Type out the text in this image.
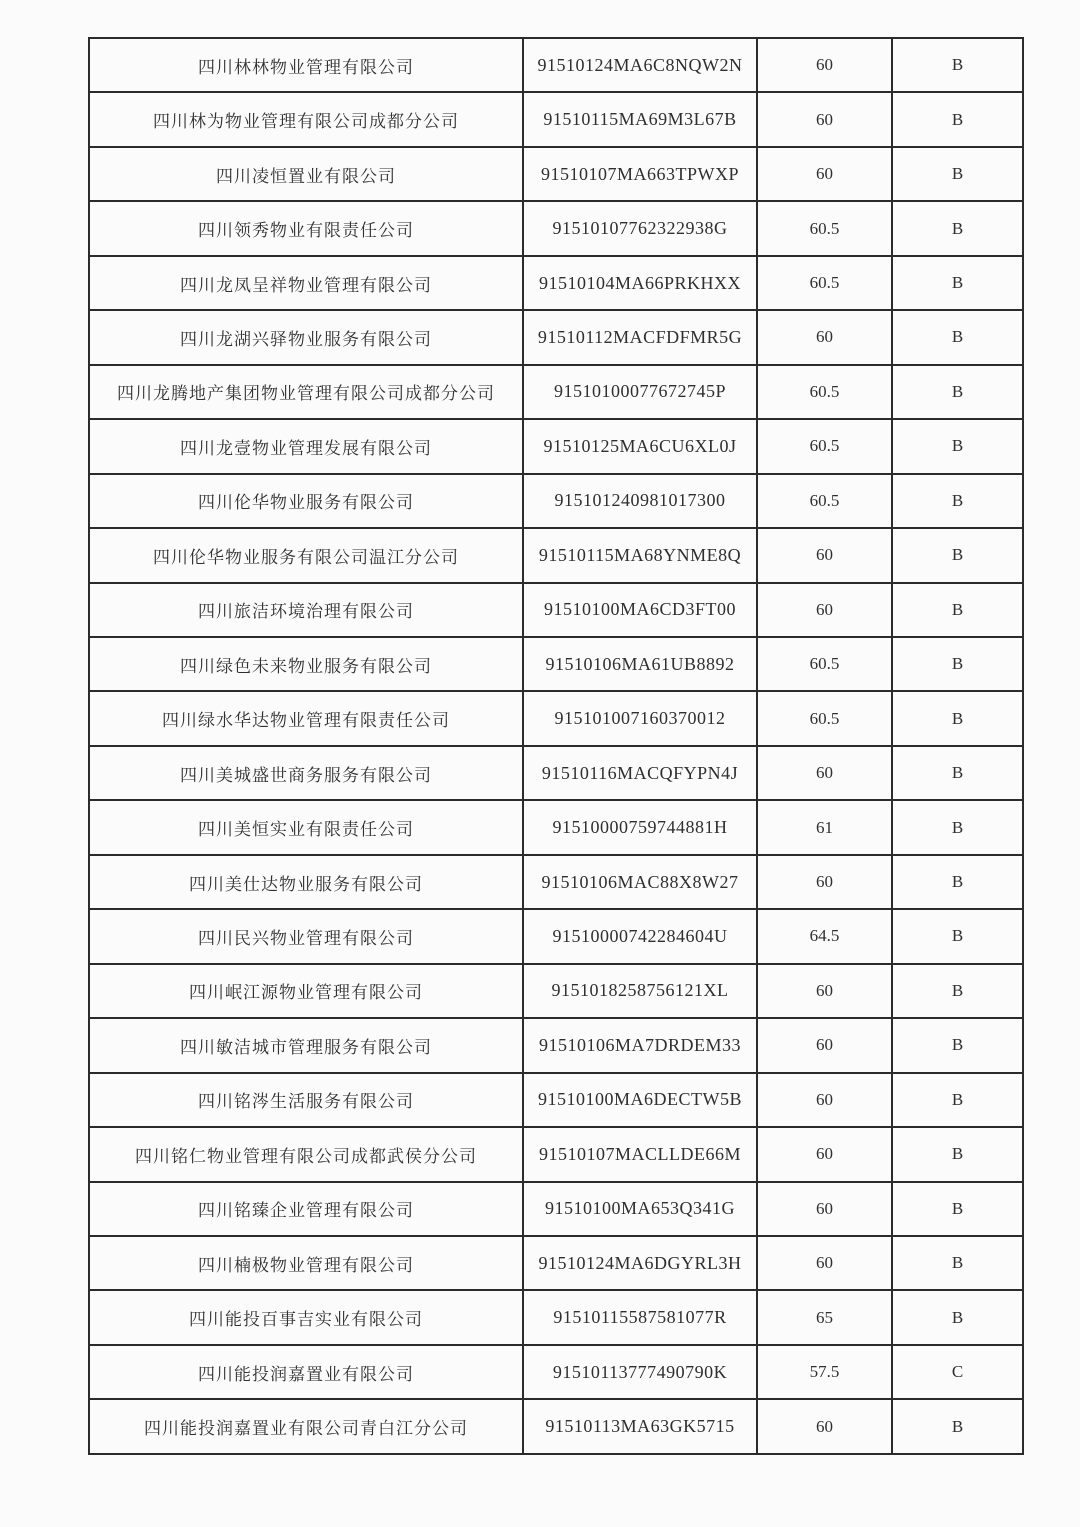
四川林林物业管理有限公司	91510124MA6C8NQW2N	60	B
四川林为物业管理有限公司成都分公司	91510115MA69M3L67B	60	B
四川凌恒置业有限公司	91510107MA663TPWXP	60	B
四川领秀物业有限责任公司	91510107762322938G	60.5	B
四川龙凤呈祥物业管理有限公司	91510104MA66PRKHXX	60.5	B
四川龙湖兴驿物业服务有限公司	91510112MACFDFMR5G	60	B
四川龙腾地产集团物业管理有限公司成都分公司	91510100077672745P	60.5	B
四川龙壹物业管理发展有限公司	91510125MA6CU6XL0J	60.5	B
四川伦华物业服务有限公司	915101240981017300	60.5	B
四川伦华物业服务有限公司温江分公司	91510115MA68YNME8Q	60	B
四川旅洁环境治理有限公司	91510100MA6CD3FT00	60	B
四川绿色未来物业服务有限公司	91510106MA61UB8892	60.5	B
四川绿水华达物业管理有限责任公司	915101007160370012	60.5	B
四川美城盛世商务服务有限公司	91510116MACQFYPN4J	60	B
四川美恒实业有限责任公司	91510000759744881H	61	B
四川美仕达物业服务有限公司	91510106MAC88X8W27	60	B
四川民兴物业管理有限公司	91510000742284604U	64.5	B
四川岷江源物业管理有限公司	9151018258756121XL	60	B
四川敏洁城市管理服务有限公司	91510106MA7DRDEM33	60	B
四川铭涔生活服务有限公司	91510100MA6DECTW5B	60	B
四川铭仁物业管理有限公司成都武侯分公司	91510107MACLLDE66M	60	B
四川铭臻企业管理有限公司	91510100MA653Q341G	60	B
四川楠极物业管理有限公司	91510124MA6DGYRL3H	60	B
四川能投百事吉实业有限公司	91510115587581077R	65	B
四川能投润嘉置业有限公司	91510113777490790K	57.5	C
四川能投润嘉置业有限公司青白江分公司	91510113MA63GK5715	60	B
